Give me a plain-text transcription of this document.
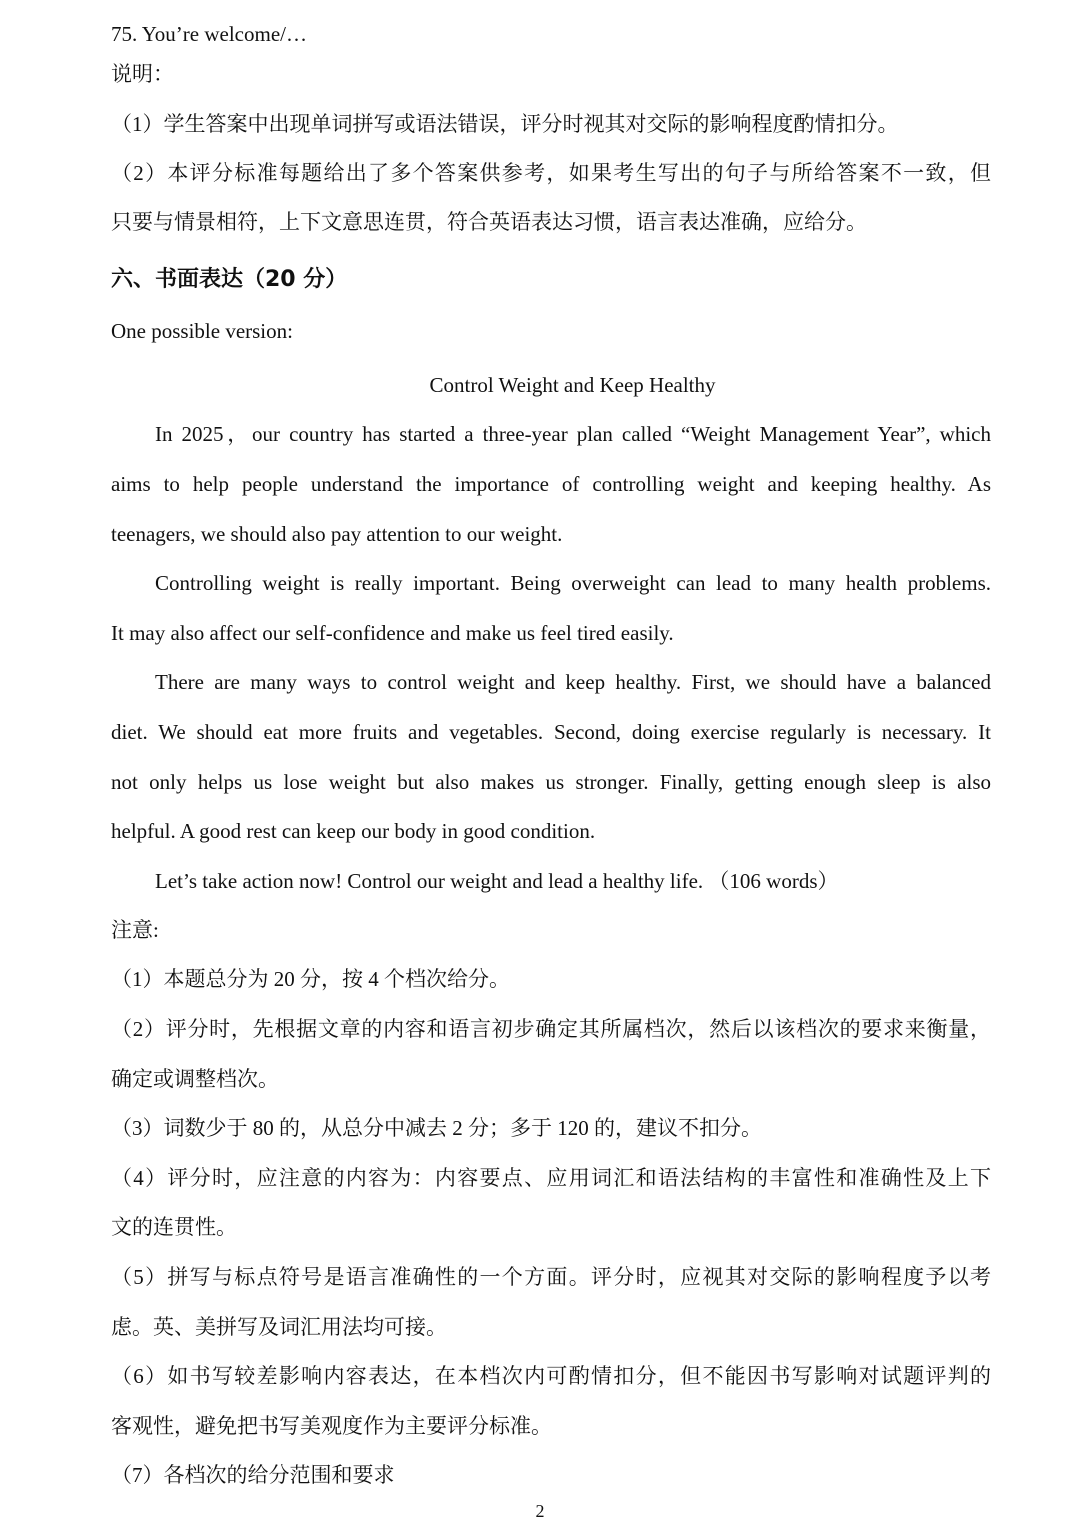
75. You’re welcome/…
说明：
（1）学生答案中出现单词拼写或语法错误，评分时视其对交际的影响程度酌情扣分。
（2）本评分标准每题给出了多个答案供参考，如果考生写出的句子与所给答案不一致，但
只要与情景相符，上下文意思连贯，符合英语表达习惯，语言表达准确，应给分。
六、书面表达（20 分）
One possible version:
Control Weight and Keep Healthy
In 2025，our country has started a three-year plan called “Weight Management Year”, which
aims to help people understand the importance of controlling weight and keeping healthy. As
teenagers, we should also pay attention to our weight.
Controlling weight is really important. Being overweight can lead to many health problems.
It may also affect our self-confidence and make us feel tired easily.
There are many ways to control weight and keep healthy. First, we should have a balanced
diet. We should eat more fruits and vegetables. Second, doing exercise regularly is necessary. It
not only helps us lose weight but also makes us stronger. Finally, getting enough sleep is also
helpful. A good rest can keep our body in good condition.
Let’s take action now! Control our weight and lead a healthy life. （106 words）
注意:
（1）本题总分为 20 分，按 4 个档次给分。
（2）评分时，先根据文章的内容和语言初步确定其所属档次，然后以该档次的要求来衡量，
确定或调整档次。
（3）词数少于 80 的，从总分中减去 2 分；多于 120 的，建议不扣分。
（4）评分时，应注意的内容为：内容要点、应用词汇和语法结构的丰富性和准确性及上下
文的连贯性。
（5）拼写与标点符号是语言准确性的一个方面。评分时，应视其对交际的影响程度予以考
虑。英、美拼写及词汇用法均可接。
（6）如书写较差影响内容表达，在本档次内可酌情扣分，但不能因书写影响对试题评判的
客观性，避免把书写美观度作为主要评分标准。
（7）各档次的给分范围和要求
2
